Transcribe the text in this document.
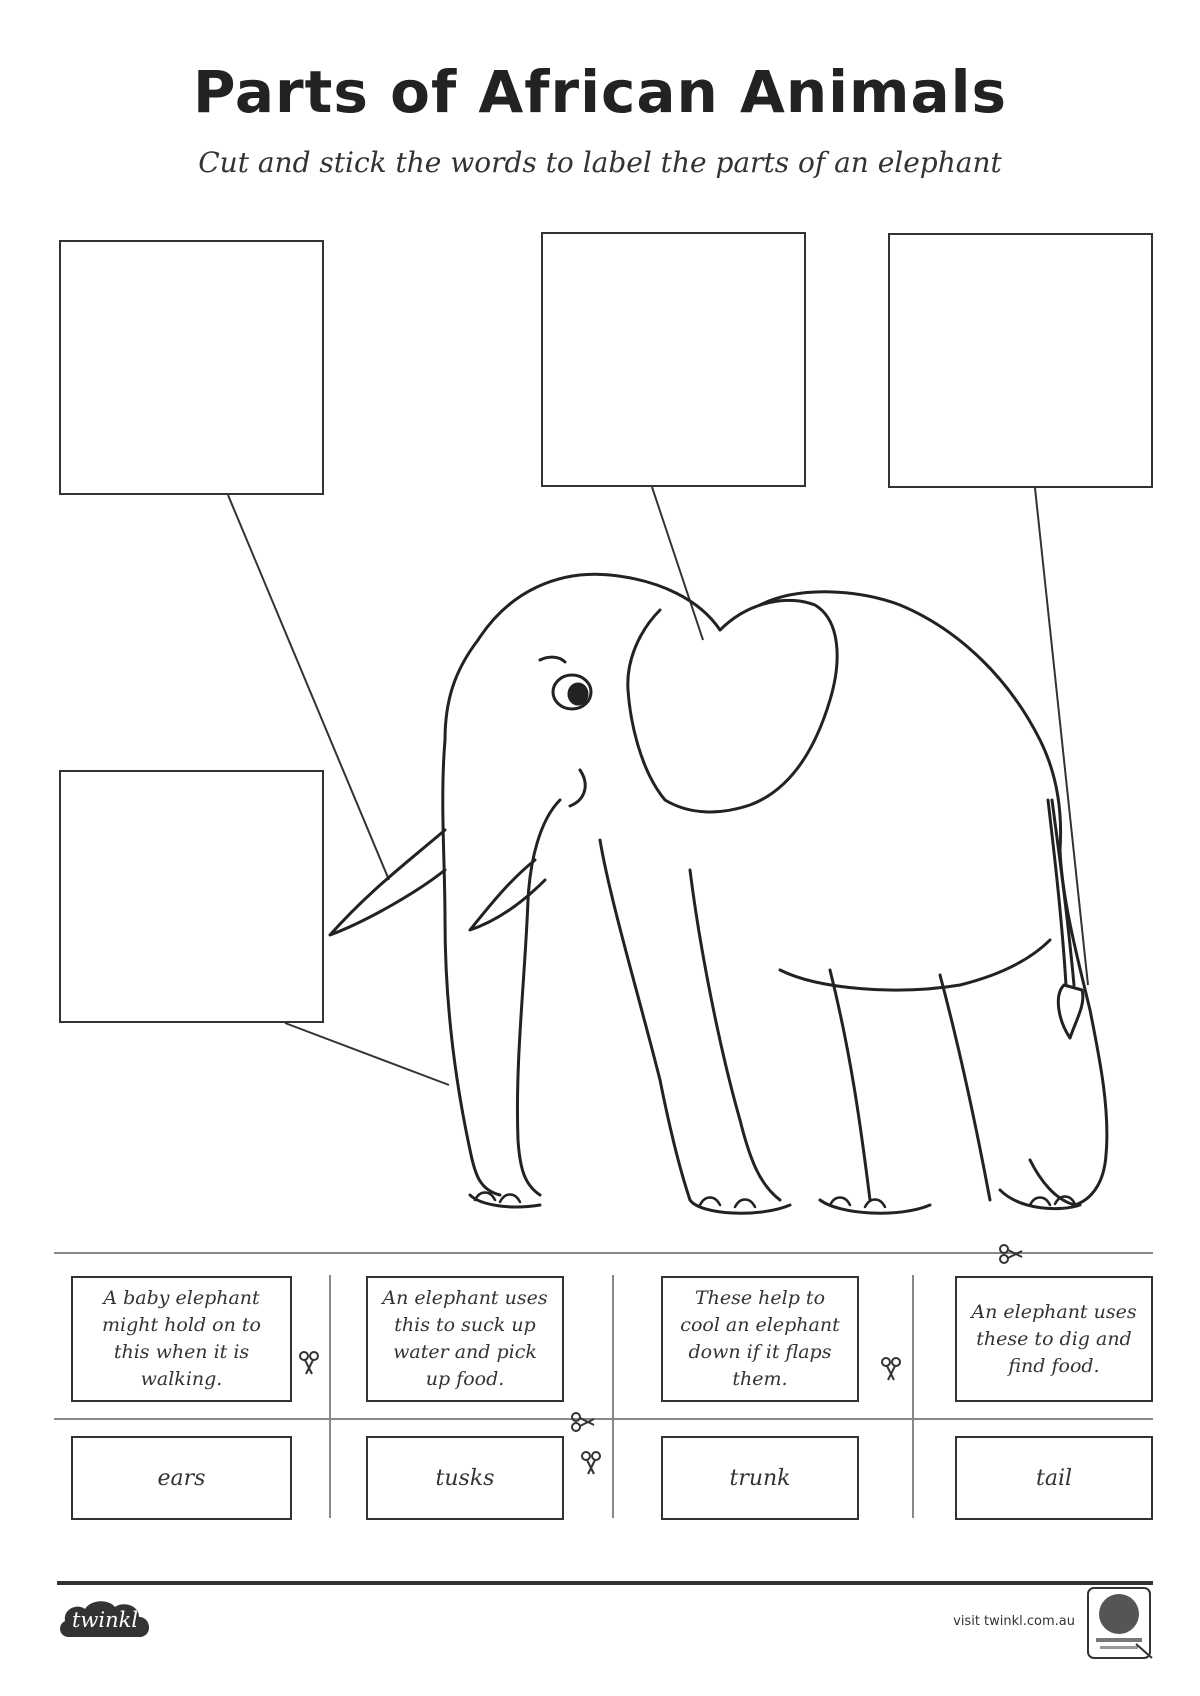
Parts of African Animals
Cut and stick the words to label the parts of an elephant
A baby elephant might hold on to this when it is walking.
An elephant uses this to suck up water and pick up food.
These help to cool an elephant down if it flaps them.
An elephant uses these to dig and find food.
ears	tusks	trunk	tail
twinkl	visit twinkl.com.au
